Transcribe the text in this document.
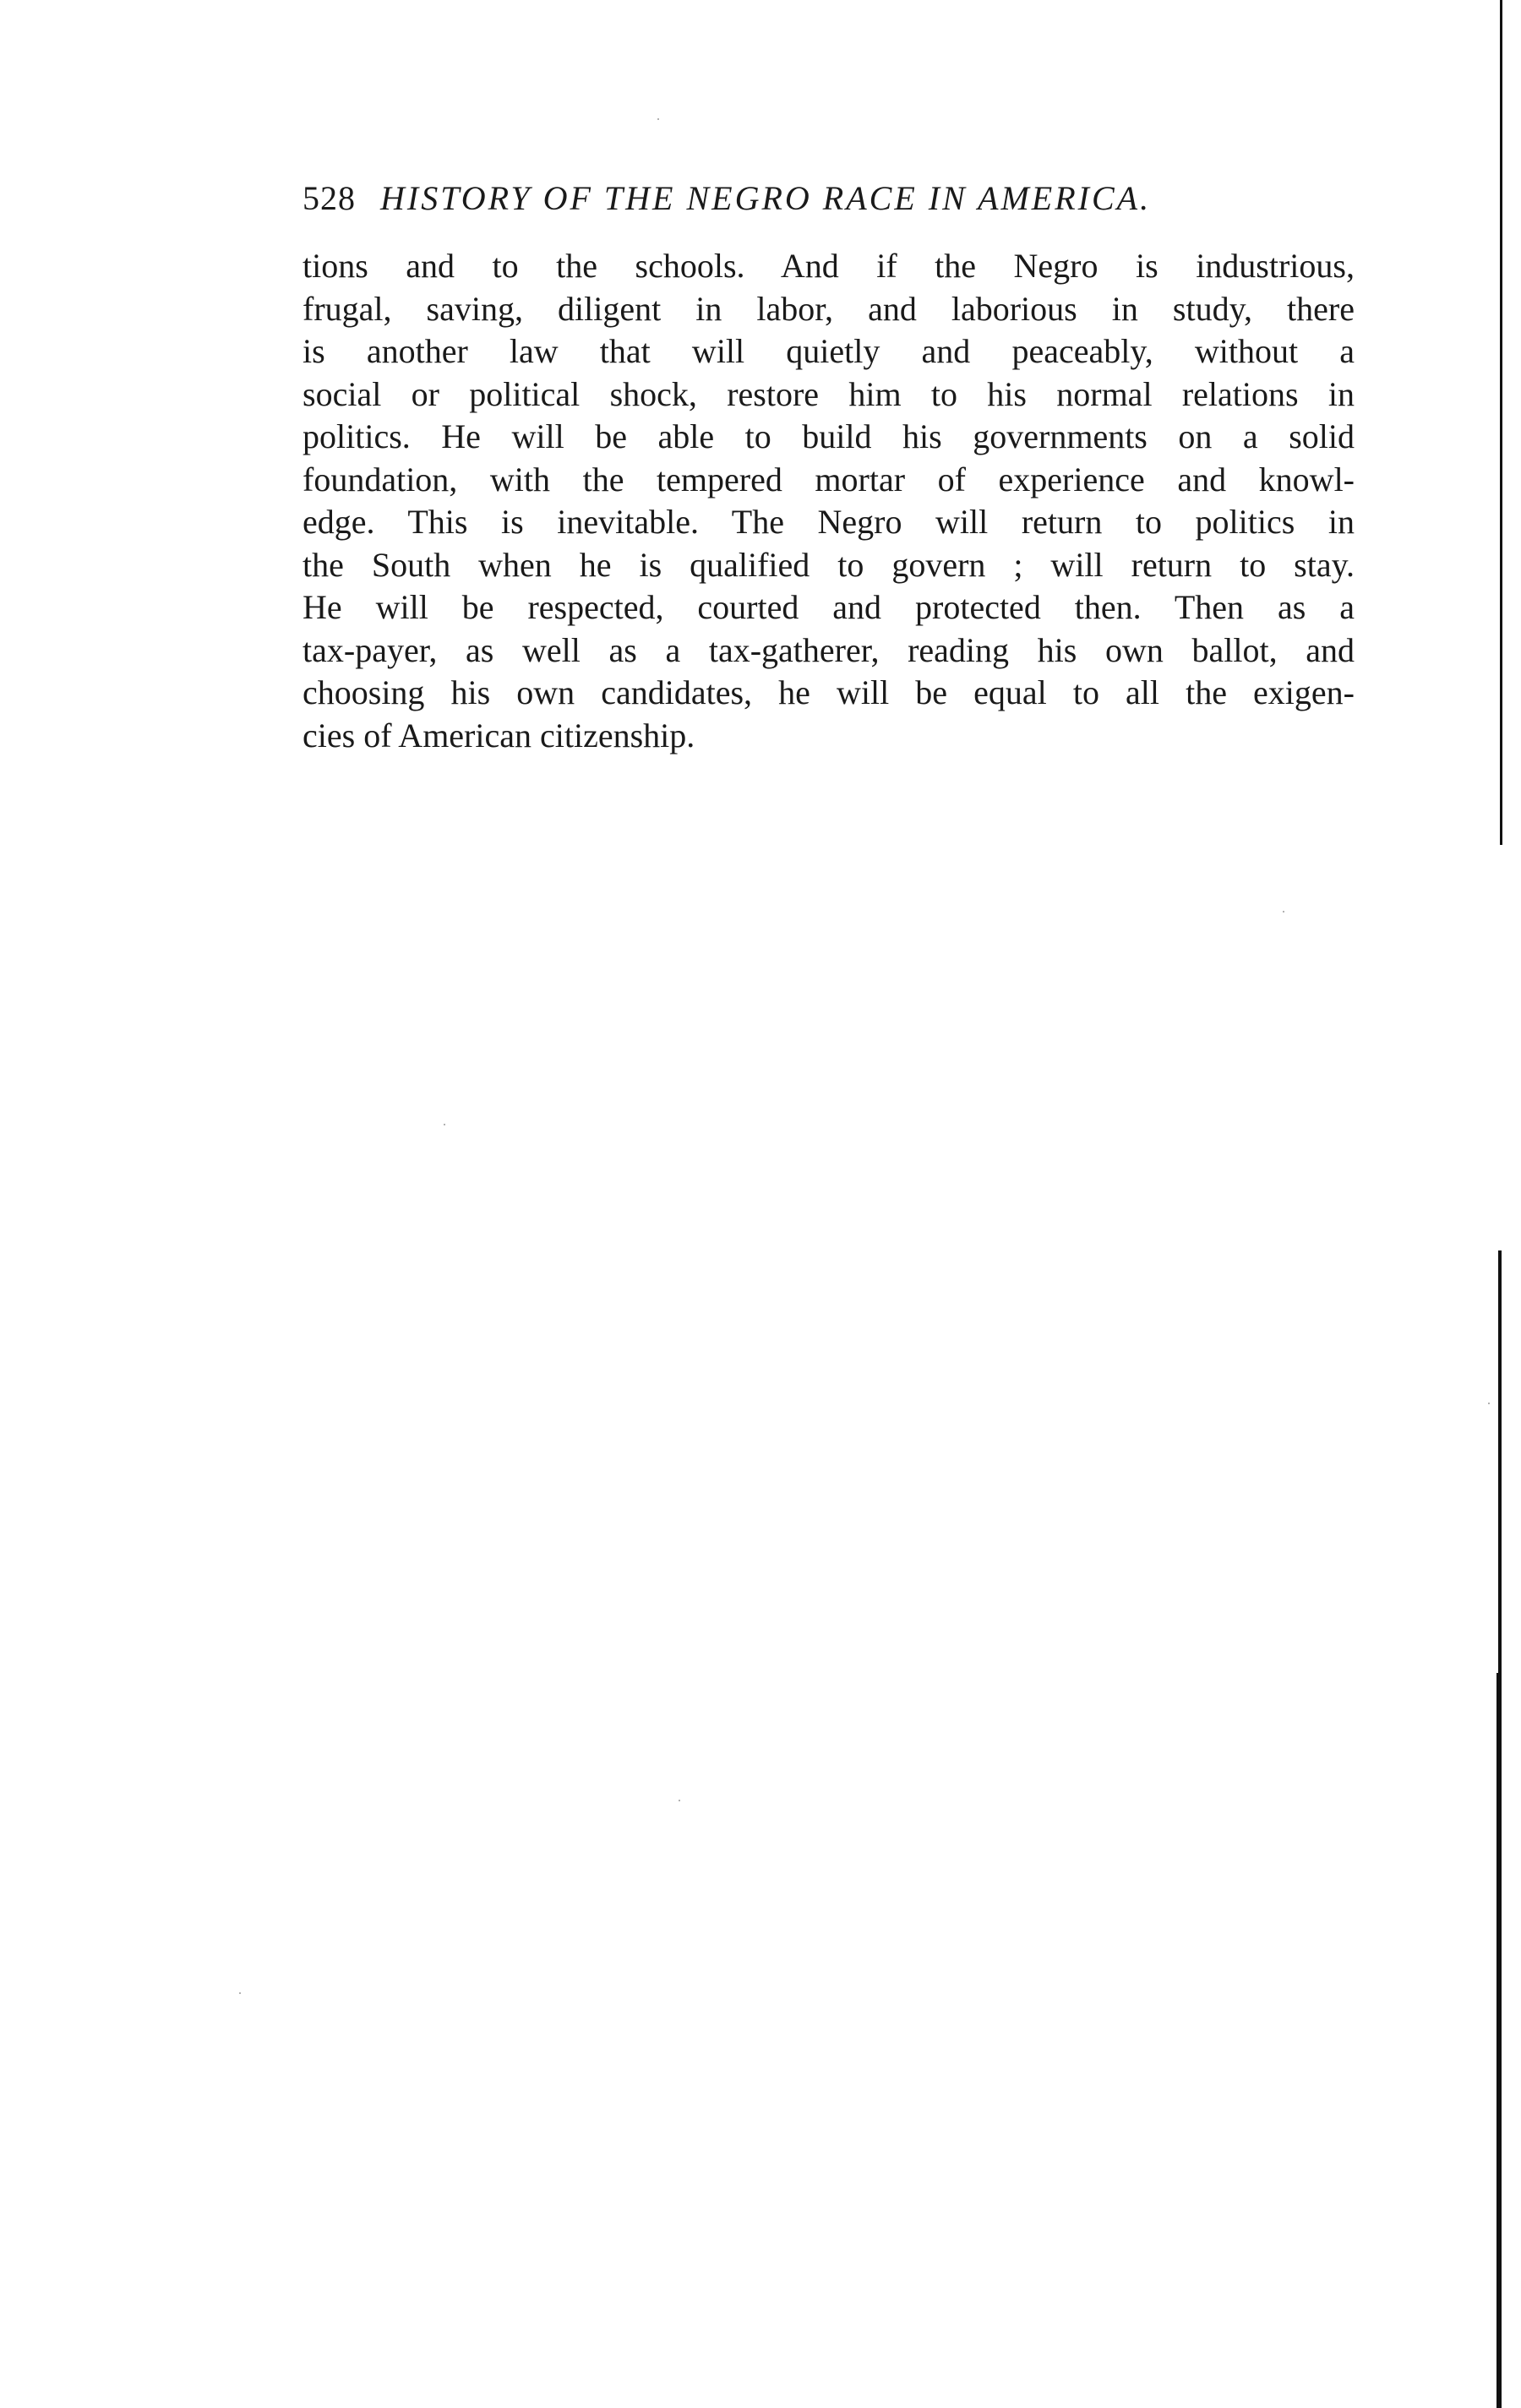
528 HISTORY OF THE NEGRO RACE IN AMERICA.
tions and to the schools. And if the Negro is industrious,
frugal, saving, diligent in labor, and laborious in study, there
is another law that will quietly and peaceably, without a
social or political shock, restore him to his normal relations in
politics. He will be able to build his governments on a solid
foundation, with the tempered mortar of experience and knowl-
edge. This is inevitable. The Negro will return to politics in
the South when he is qualified to govern ; will return to stay.
He will be respected, courted and protected then. Then as a
tax-payer, as well as a tax-gatherer, reading his own ballot, and
choosing his own candidates, he will be equal to all the exigen-
cies of American citizenship.
